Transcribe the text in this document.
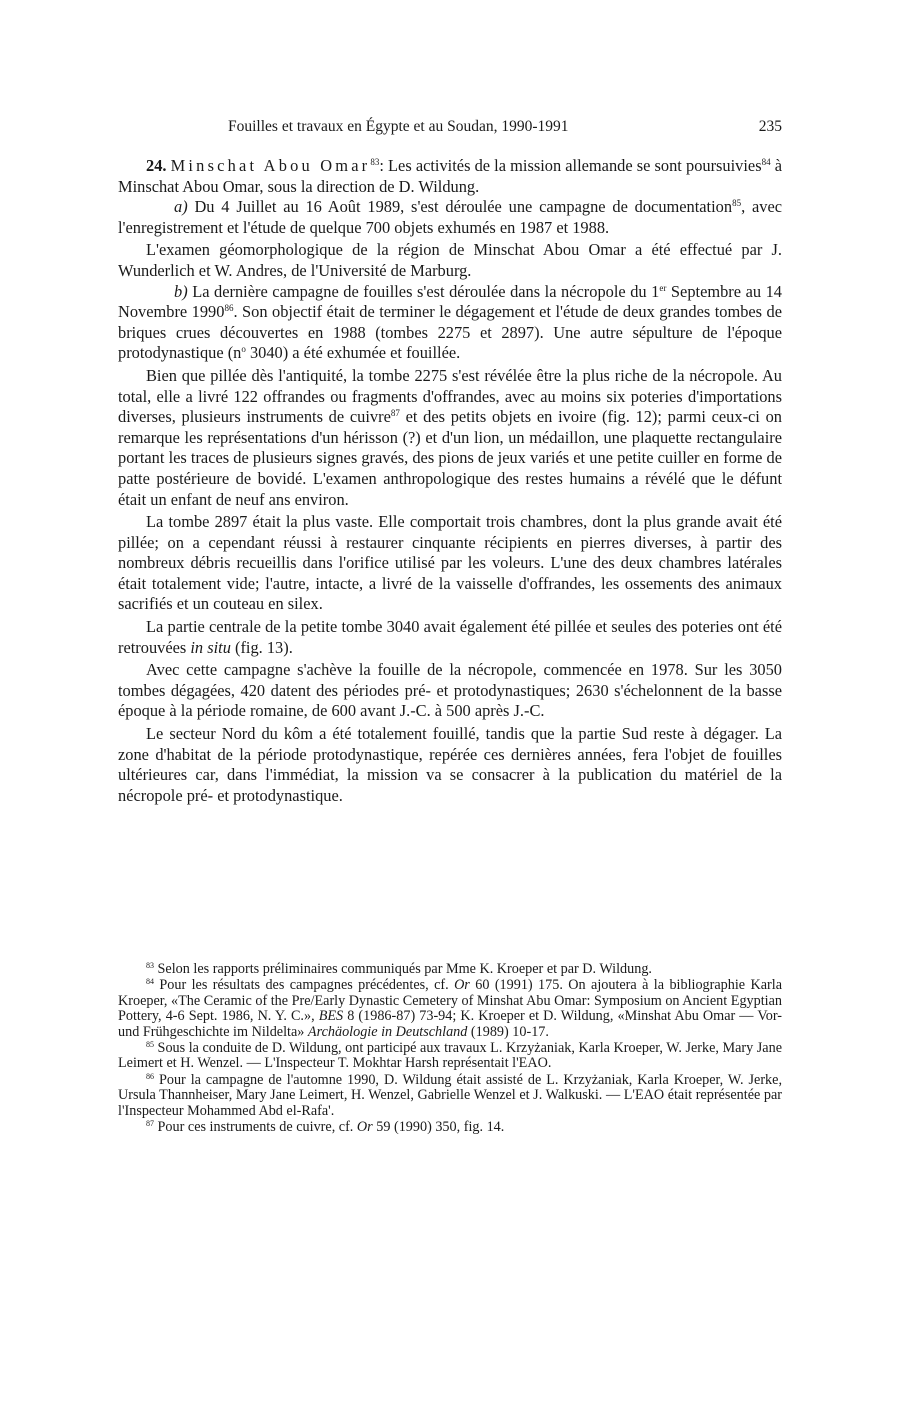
Fouilles et travaux en Égypte et au Soudan, 1990-1991	235

24. Minschat Abou Omar$^{83}$: Les activités de la mission allemande se sont poursuivies$^{84}$ à Minschat Abou Omar, sous la direction de D. Wildung.

a) Du 4 Juillet au 16 Août 1989, s'est déroulée une campagne de documentation$^{85}$, avec l'enregistrement et l'étude de quelque 700 objets exhumés en 1987 et 1988.

L'examen géomorphologique de la région de Minschat Abou Omar a été effectué par J. Wunderlich et W. Andres, de l'Université de Marburg.

b) La dernière campagne de fouilles s'est déroulée dans la nécropole du 1er Septembre au 14 Novembre 1990$^{86}$. Son objectif était de terminer le dégagement et l'étude de deux grandes tombes de briques crues découvertes en 1988 (tombes 2275 et 2897). Une autre sépulture de l'époque protodynastique ($n^o$ 3040) a été exhumée et fouillée.

Bien que pillée dès l'antiquité, la tombe 2275 s'est révélée être la plus riche de la nécropole. Au total, elle a livré 122 offrandes ou fragments d'offrandes, avec au moins six poteries d'importations diverses, plusieurs instruments de cuivre$^{87}$ et des petits objets en ivoire (fig. 12); parmi ceux-ci on remarque les représentations d'un hérisson (?) et d'un lion, un médaillon, une plaquette rectangulaire portant les traces de plusieurs signes gravés, des pions de jeux variés et une petite cuiller en forme de patte postérieure de bovidé. L'examen anthropologique des restes humains a révélé que le défunt était un enfant de neuf ans environ.

La tombe 2897 était la plus vaste. Elle comportait trois chambres, dont la plus grande avait été pillée; on a cependant réussi à restaurer cinquante récipients en pierres diverses, à partir des nombreux débris recueillis dans l'orifice utilisé par les voleurs. L'une des deux chambres latérales était totalement vide; l'autre, intacte, a livré de la vaisselle d'offrandes, les ossements des animaux sacrifiés et un couteau en silex.

La partie centrale de la petite tombe 3040 avait également été pillée et seules des poteries ont été retrouvées in situ (fig. 13).

Avec cette campagne s'achève la fouille de la nécropole, commencée en 1978. Sur les 3050 tombes dégagées, 420 datent des périodes pré- et protodynastiques; 2630 s'échelonnent de la basse époque à la période romaine, de 600 avant J.-C. à 500 après J.-C.

Le secteur Nord du kôm a été totalement fouillé, tandis que la partie Sud reste à dégager. La zone d'habitat de la période protodynastique, repérée ces dernières années, fera l'objet de fouilles ultérieures car, dans l'immédiat, la mission va se consacrer à la publication du matériel de la nécropole pré- et protodynastique.

$^{83}$ Selon les rapports préliminaires communiqués par Mme K. Kroeper et par D. Wildung.

$^{84}$ Pour les résultats des campagnes précédentes, cf. Or 60 (1991) 175. On ajoutera à la bibliographie Karla Kroeper, «The Ceramic of the Pre/Early Dynastic Cemetery of Minshat Abu Omar: Symposium on Ancient Egyptian Pottery, 4-6 Sept. 1986, N. Y. C.», BES 8 (1986-87) 73-94; K. Kroeper et D. Wildung, «Minshat Abu Omar — Vor- und Frühgeschichte im Nildelta» Archäologie in Deutschland (1989) 10-17.

$^{85}$ Sous la conduite de D. Wildung, ont participé aux travaux L. Krzyżaniak, Karla Kroeper, W. Jerke, Mary Jane Leimert et H. Wenzel. — L'Inspecteur T. Mokhtar Harsh représentait l'EAO.

$^{86}$ Pour la campagne de l'automne 1990, D. Wildung était assisté de L. Krzyżaniak, Karla Kroeper, W. Jerke, Ursula Thannheiser, Mary Jane Leimert, H. Wenzel, Gabrielle Wenzel et J. Walkuski. — L'EAO était représentée par l'Inspecteur Mohammed Abd el-Rafa'.

$^{87}$ Pour ces instruments de cuivre, cf. Or 59 (1990) 350, fig. 14.
